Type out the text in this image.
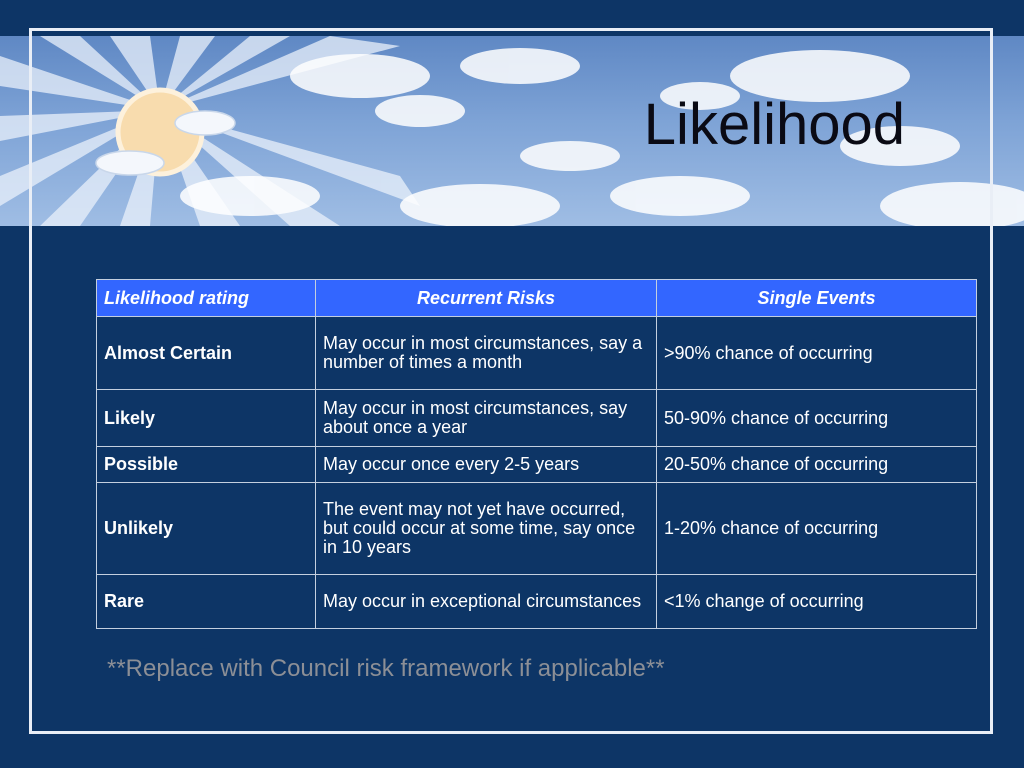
Likelihood
Likelihood rating	Recurrent Risks	Single Events
Almost Certain	May occur in most circumstances, say a number of times a month	>90% chance of occurring
Likely	May occur in most circumstances, say about once a year	50-90% chance of occurring
Possible	May occur once every 2-5 years	20-50% chance of occurring
Unlikely	The event may not yet have occurred, but could occur at some time, say once in 10 years	1-20% chance of occurring
Rare	May occur in exceptional circumstances	<1% change of occurring
**Replace with Council risk framework if applicable**
